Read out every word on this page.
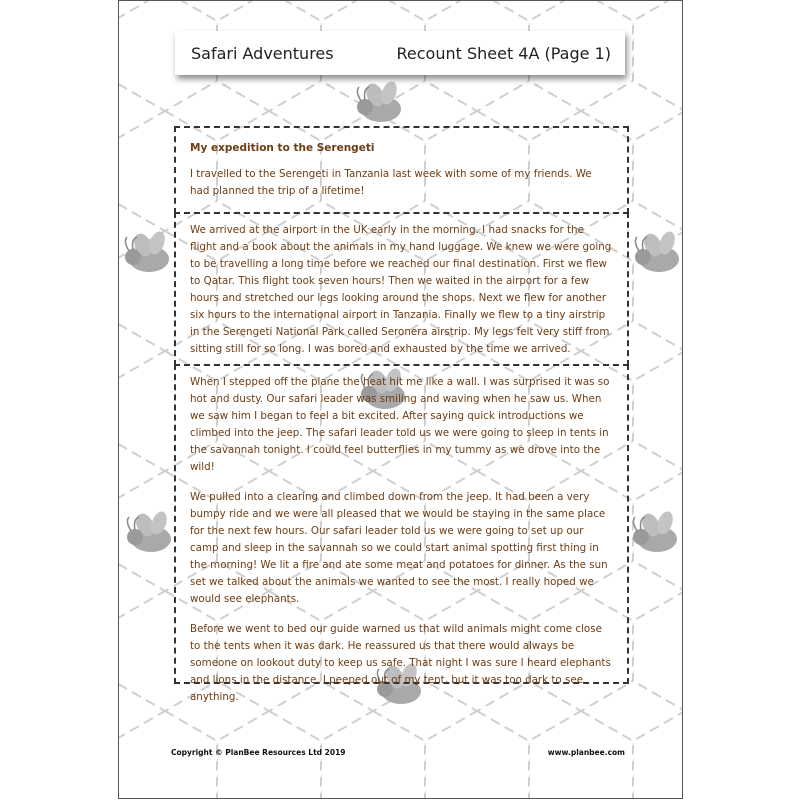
Safari Adventures	Recount Sheet 4A (Page 1)
My expedition to the Serengeti

I travelled to the Serengeti in Tanzania last week with some of my friends. We had planned the trip of a lifetime!

We arrived at the airport in the UK early in the morning. I had snacks for the flight and a book about the animals in my hand luggage. We knew we were going to be travelling a long time before we reached our final destination. First we flew to Qatar. This flight took seven hours! Then we waited in the airport for a few hours and stretched our legs looking around the shops. Next we flew for another six hours to the international airport in Tanzania. Finally we flew to a tiny airstrip in the Serengeti National Park called Seronera airstrip. My legs felt very stiff from sitting still for so long. I was bored and exhausted by the time we arrived.

When I stepped off the plane the heat hit me like a wall. I was surprised it was so hot and dusty. Our safari leader was smiling and waving when he saw us. When we saw him I began to feel a bit excited. After saying quick introductions we climbed into the jeep. The safari leader told us we were going to sleep in tents in the savannah tonight. I could feel butterflies in my tummy as we drove into the wild!

We pulled into a clearing and climbed down from the jeep. It had been a very bumpy ride and we were all pleased that we would be staying in the same place for the next few hours. Our safari leader told us we were going to set up our camp and sleep in the savannah so we could start animal spotting first thing in the morning! We lit a fire and ate some meat and potatoes for dinner. As the sun set we talked about the animals we wanted to see the most. I really hoped we would see elephants.

Before we went to bed our guide warned us that wild animals might come close to the tents when it was dark. He reassured us that there would always be someone on lookout duty to keep us safe. That night I was sure I heard elephants and lions in the distance. I peeped out of my tent, but it was too dark to see anything.

Copyright © PlanBee Resources Ltd 2019	www.planbee.com
